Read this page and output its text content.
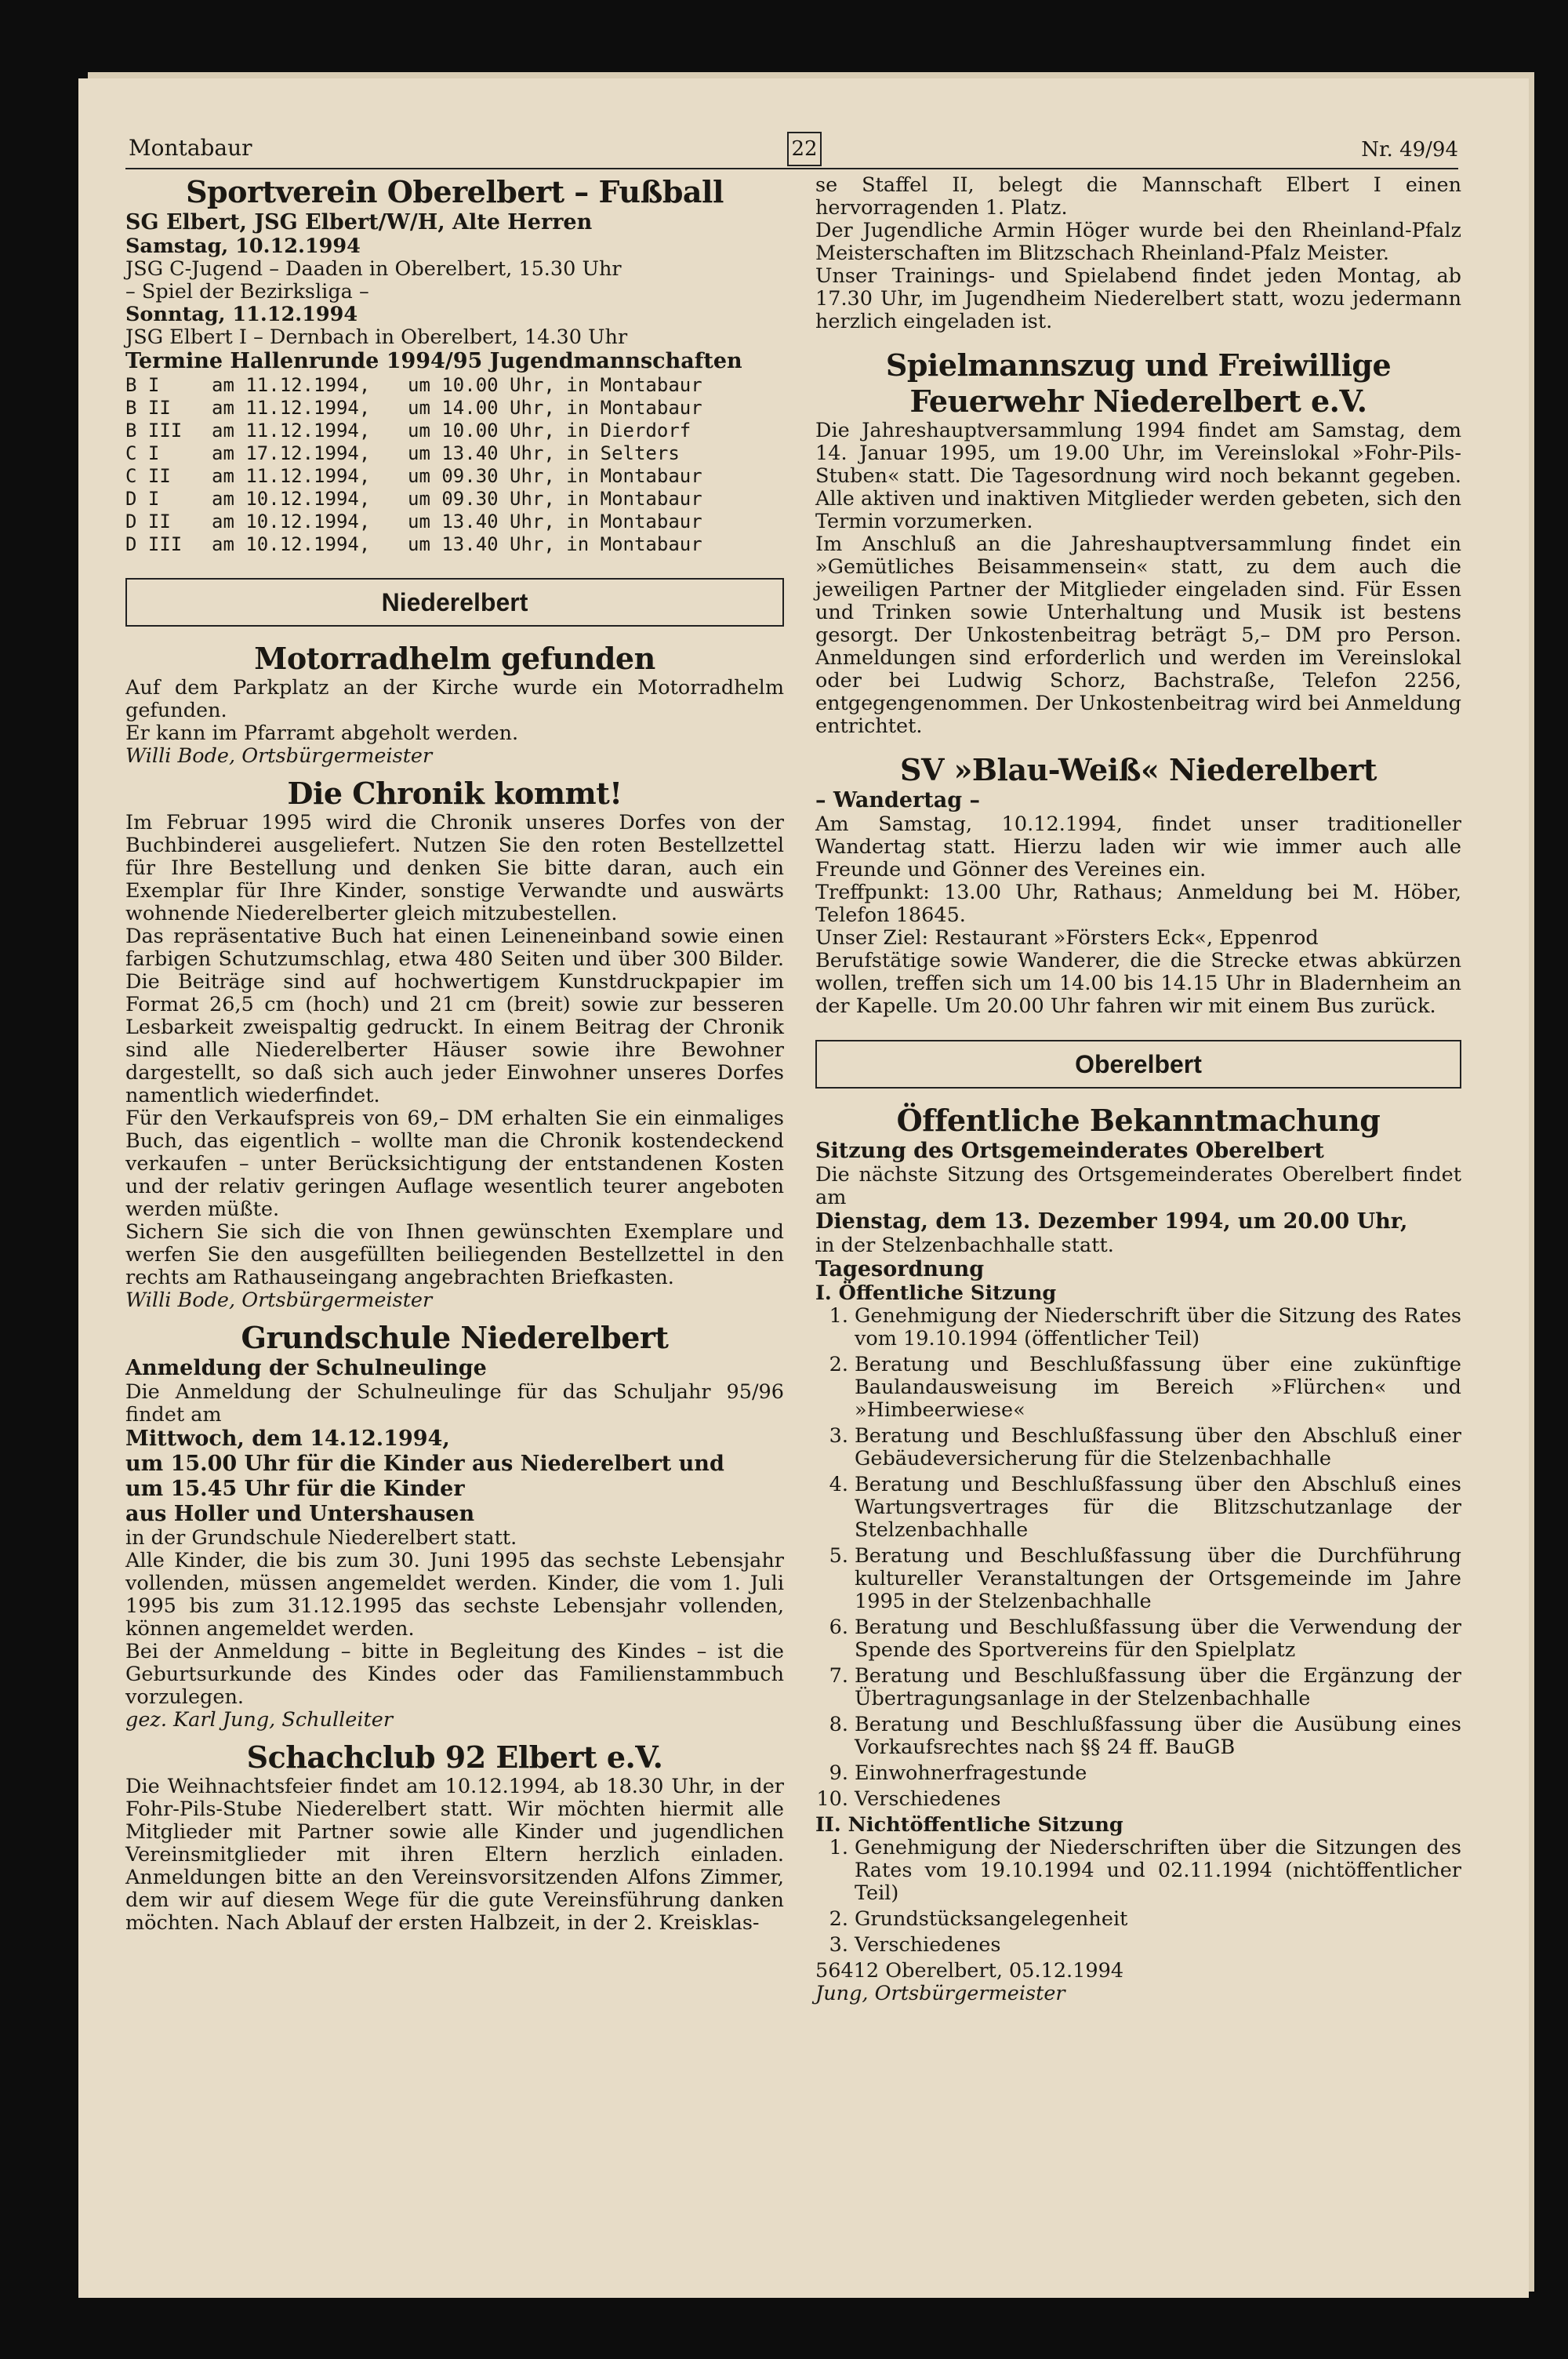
Montabaur	22	Nr. 49/94
Sportverein Oberelbert – Fußball

SG Elbert, JSG Elbert/W/H, Alte Herren

Samstag, 10.12.1994

JSG C-Jugend – Daaden in Oberelbert, 15.30 Uhr

– Spiel der Bezirksliga –

Sonntag, 11.12.1994

JSG Elbert I – Dernbach in Oberelbert, 14.30 Uhr

Termine Hallenrunde 1994/95 Jugendmannschaften

B I	am 11.12.1994,	um 10.00 Uhr, in Montabaur
B II	am 11.12.1994,	um 14.00 Uhr, in Montabaur
B III	am 11.12.1994,	um 10.00 Uhr, in Dierdorf
C I	am 17.12.1994,	um 13.40 Uhr, in Selters
C II	am 11.12.1994,	um 09.30 Uhr, in Montabaur
D I	am 10.12.1994,	um 09.30 Uhr, in Montabaur
D II	am 10.12.1994,	um 13.40 Uhr, in Montabaur
D III	am 10.12.1994,	um 13.40 Uhr, in Montabaur
Niederelbert
Motorradhelm gefunden

Auf dem Parkplatz an der Kirche wurde ein Motorradhelm gefunden.

Er kann im Pfarramt abgeholt werden.

Willi Bode, Ortsbürgermeister

Die Chronik kommt!

Im Februar 1995 wird die Chronik unseres Dorfes von der Buchbinderei ausgeliefert. Nutzen Sie den roten Bestellzettel für Ihre Bestellung und denken Sie bitte daran, auch ein Exemplar für Ihre Kinder, sonstige Verwandte und auswärts wohnende Niederelberter gleich mitzubestellen.

Das repräsentative Buch hat einen Leineneinband sowie einen farbigen Schutzumschlag, etwa 480 Seiten und über 300 Bilder. Die Beiträge sind auf hochwertigem Kunstdruckpapier im Format 26,5 cm (hoch) und 21 cm (breit) sowie zur besseren Lesbarkeit zweispaltig gedruckt. In einem Beitrag der Chronik sind alle Niederelberter Häuser sowie ihre Bewohner dargestellt, so daß sich auch jeder Einwohner unseres Dorfes namentlich wiederfindet.

Für den Verkaufspreis von 69,– DM erhalten Sie ein einmaliges Buch, das eigentlich – wollte man die Chronik kostendeckend verkaufen – unter Berücksichtigung der entstandenen Kosten und der relativ geringen Auflage wesentlich teurer angeboten werden müßte.

Sichern Sie sich die von Ihnen gewünschten Exemplare und werfen Sie den ausgefüllten beiliegenden Bestellzettel in den rechts am Rathauseingang angebrachten Briefkasten.

Willi Bode, Ortsbürgermeister

Grundschule Niederelbert

Anmeldung der Schulneulinge

Die Anmeldung der Schulneulinge für das Schuljahr 95/96 findet am

Mittwoch, dem 14.12.1994,

um 15.00 Uhr für die Kinder aus Niederelbert und

um 15.45 Uhr für die Kinder

aus Holler und Untershausen

in der Grundschule Niederelbert statt.

Alle Kinder, die bis zum 30. Juni 1995 das sechste Lebensjahr vollenden, müssen angemeldet werden. Kinder, die vom 1. Juli 1995 bis zum 31.12.1995 das sechste Lebensjahr vollenden, können angemeldet werden.

Bei der Anmeldung – bitte in Begleitung des Kindes – ist die Geburtsurkunde des Kindes oder das Familienstammbuch vorzulegen.

gez. Karl Jung, Schulleiter

Schachclub 92 Elbert e.V.

Die Weihnachtsfeier findet am 10.12.1994, ab 18.30 Uhr, in der Fohr-Pils-Stube Niederelbert statt. Wir möchten hiermit alle Mitglieder mit Partner sowie alle Kinder und jugendlichen Vereinsmitglieder mit ihren Eltern herzlich einladen. Anmeldungen bitte an den Vereinsvorsitzenden Alfons Zimmer, dem wir auf diesem Wege für die gute Vereinsführung danken möchten. Nach Ablauf der ersten Halbzeit, in der 2. Kreisklas-

se Staffel II, belegt die Mannschaft Elbert I einen hervorragenden 1. Platz.

Der Jugendliche Armin Höger wurde bei den Rheinland-Pfalz Meisterschaften im Blitzschach Rheinland-Pfalz Meister.

Unser Trainings- und Spielabend findet jeden Montag, ab 17.30 Uhr, im Jugendheim Niederelbert statt, wozu jedermann herzlich eingeladen ist.

Spielmannszug und Freiwillige Feuerwehr Niederelbert e.V.

Die Jahreshauptversammlung 1994 findet am Samstag, dem 14. Januar 1995, um 19.00 Uhr, im Vereinslokal »Fohr-Pils-Stuben« statt. Die Tagesordnung wird noch bekannt gegeben. Alle aktiven und inaktiven Mitglieder werden gebeten, sich den Termin vorzumerken.

Im Anschluß an die Jahreshauptversammlung findet ein »Gemütliches Beisammensein« statt, zu dem auch die jeweiligen Partner der Mitglieder eingeladen sind. Für Essen und Trinken sowie Unterhaltung und Musik ist bestens gesorgt. Der Unkostenbeitrag beträgt 5,– DM pro Person. Anmeldungen sind erforderlich und werden im Vereinslokal oder bei Ludwig Schorz, Bachstraße, Telefon 2256, entgegengenommen. Der Unkostenbeitrag wird bei Anmeldung entrichtet.

SV »Blau-Weiß« Niederelbert

– Wandertag –

Am Samstag, 10.12.1994, findet unser traditioneller Wandertag statt. Hierzu laden wir wie immer auch alle Freunde und Gönner des Vereines ein.

Treffpunkt: 13.00 Uhr, Rathaus; Anmeldung bei M. Höber, Telefon 18645.

Unser Ziel: Restaurant »Försters Eck«, Eppenrod

Berufstätige sowie Wanderer, die die Strecke etwas abkürzen wollen, treffen sich um 14.00 bis 14.15 Uhr in Bladernheim an der Kapelle. Um 20.00 Uhr fahren wir mit einem Bus zurück.

Oberelbert
Öffentliche Bekanntmachung

Sitzung des Ortsgemeinderates Oberelbert

Die nächste Sitzung des Ortsgemeinderates Oberelbert findet am

Dienstag, dem 13. Dezember 1994, um 20.00 Uhr,

in der Stelzenbachhalle statt.

Tagesordnung

I. Öffentliche Sitzung

1. Genehmigung der Niederschrift über die Sitzung des Rates vom 19.10.1994 (öffentlicher Teil)
2. Beratung und Beschlußfassung über eine zukünftige Baulandausweisung im Bereich »Flürchen« und »Himbeerwiese«
3. Beratung und Beschlußfassung über den Abschluß einer Gebäudeversicherung für die Stelzenbachhalle
4. Beratung und Beschlußfassung über den Abschluß eines Wartungsvertrages für die Blitzschutzanlage der Stelzenbachhalle
5. Beratung und Beschlußfassung über die Durchführung kultureller Veranstaltungen der Ortsgemeinde im Jahre 1995 in der Stelzenbachhalle
6. Beratung und Beschlußfassung über die Verwendung der Spende des Sportvereins für den Spielplatz
7. Beratung und Beschlußfassung über die Ergänzung der Übertragungsanlage in der Stelzenbachhalle
8. Beratung und Beschlußfassung über die Ausübung eines Vorkaufsrechtes nach §§ 24 ff. BauGB
9. Einwohnerfragestunde
10. Verschiedenes

II. Nichtöffentliche Sitzung

1. Genehmigung der Niederschriften über die Sitzungen des Rates vom 19.10.1994 und 02.11.1994 (nichtöffentlicher Teil)
2. Grundstücksangelegenheit
3. Verschiedenes

56412 Oberelbert, 05.12.1994

Jung, Ortsbürgermeister
